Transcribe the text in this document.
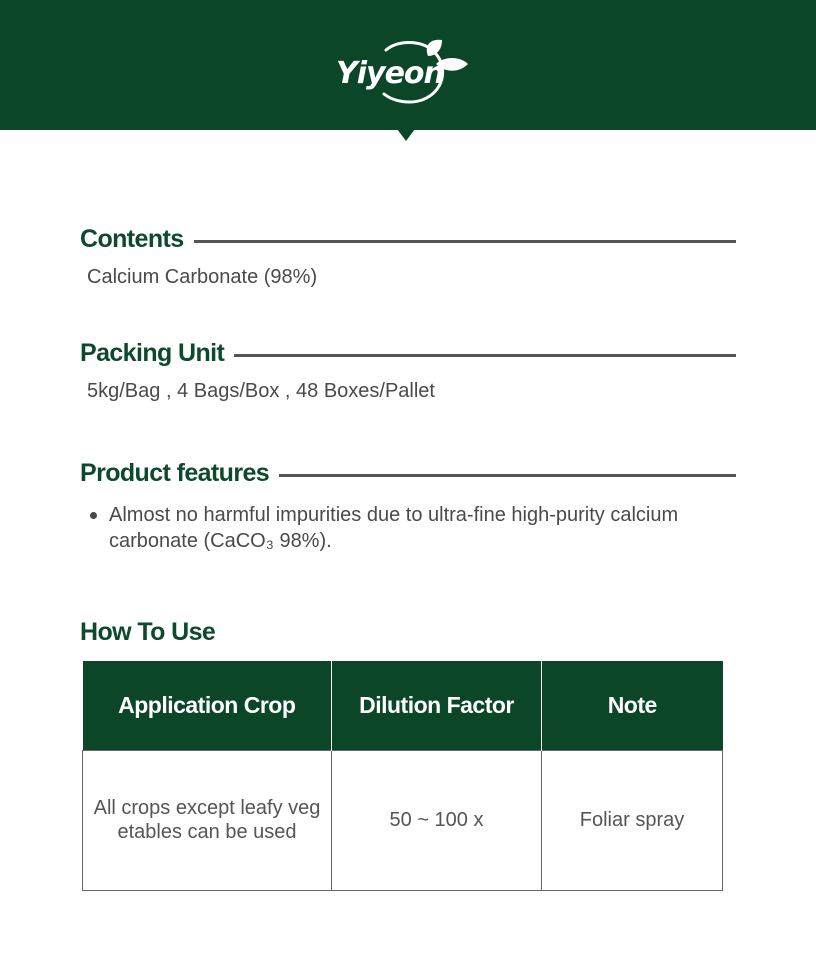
Yiyeon
Contents
Calcium Carbonate (98%)
Packing Unit
5kg/Bag , 4 Bags/Box , 48 Boxes/Pallet
Product features
Almost no harmful impurities due to ultra-fine high-purity calcium carbonate (CaCO₃ 98%).
How To Use
Application Crop	Dilution Factor	Note
All crops except leafy vegetables can be used	50 ~ 100 x	Foliar spray
